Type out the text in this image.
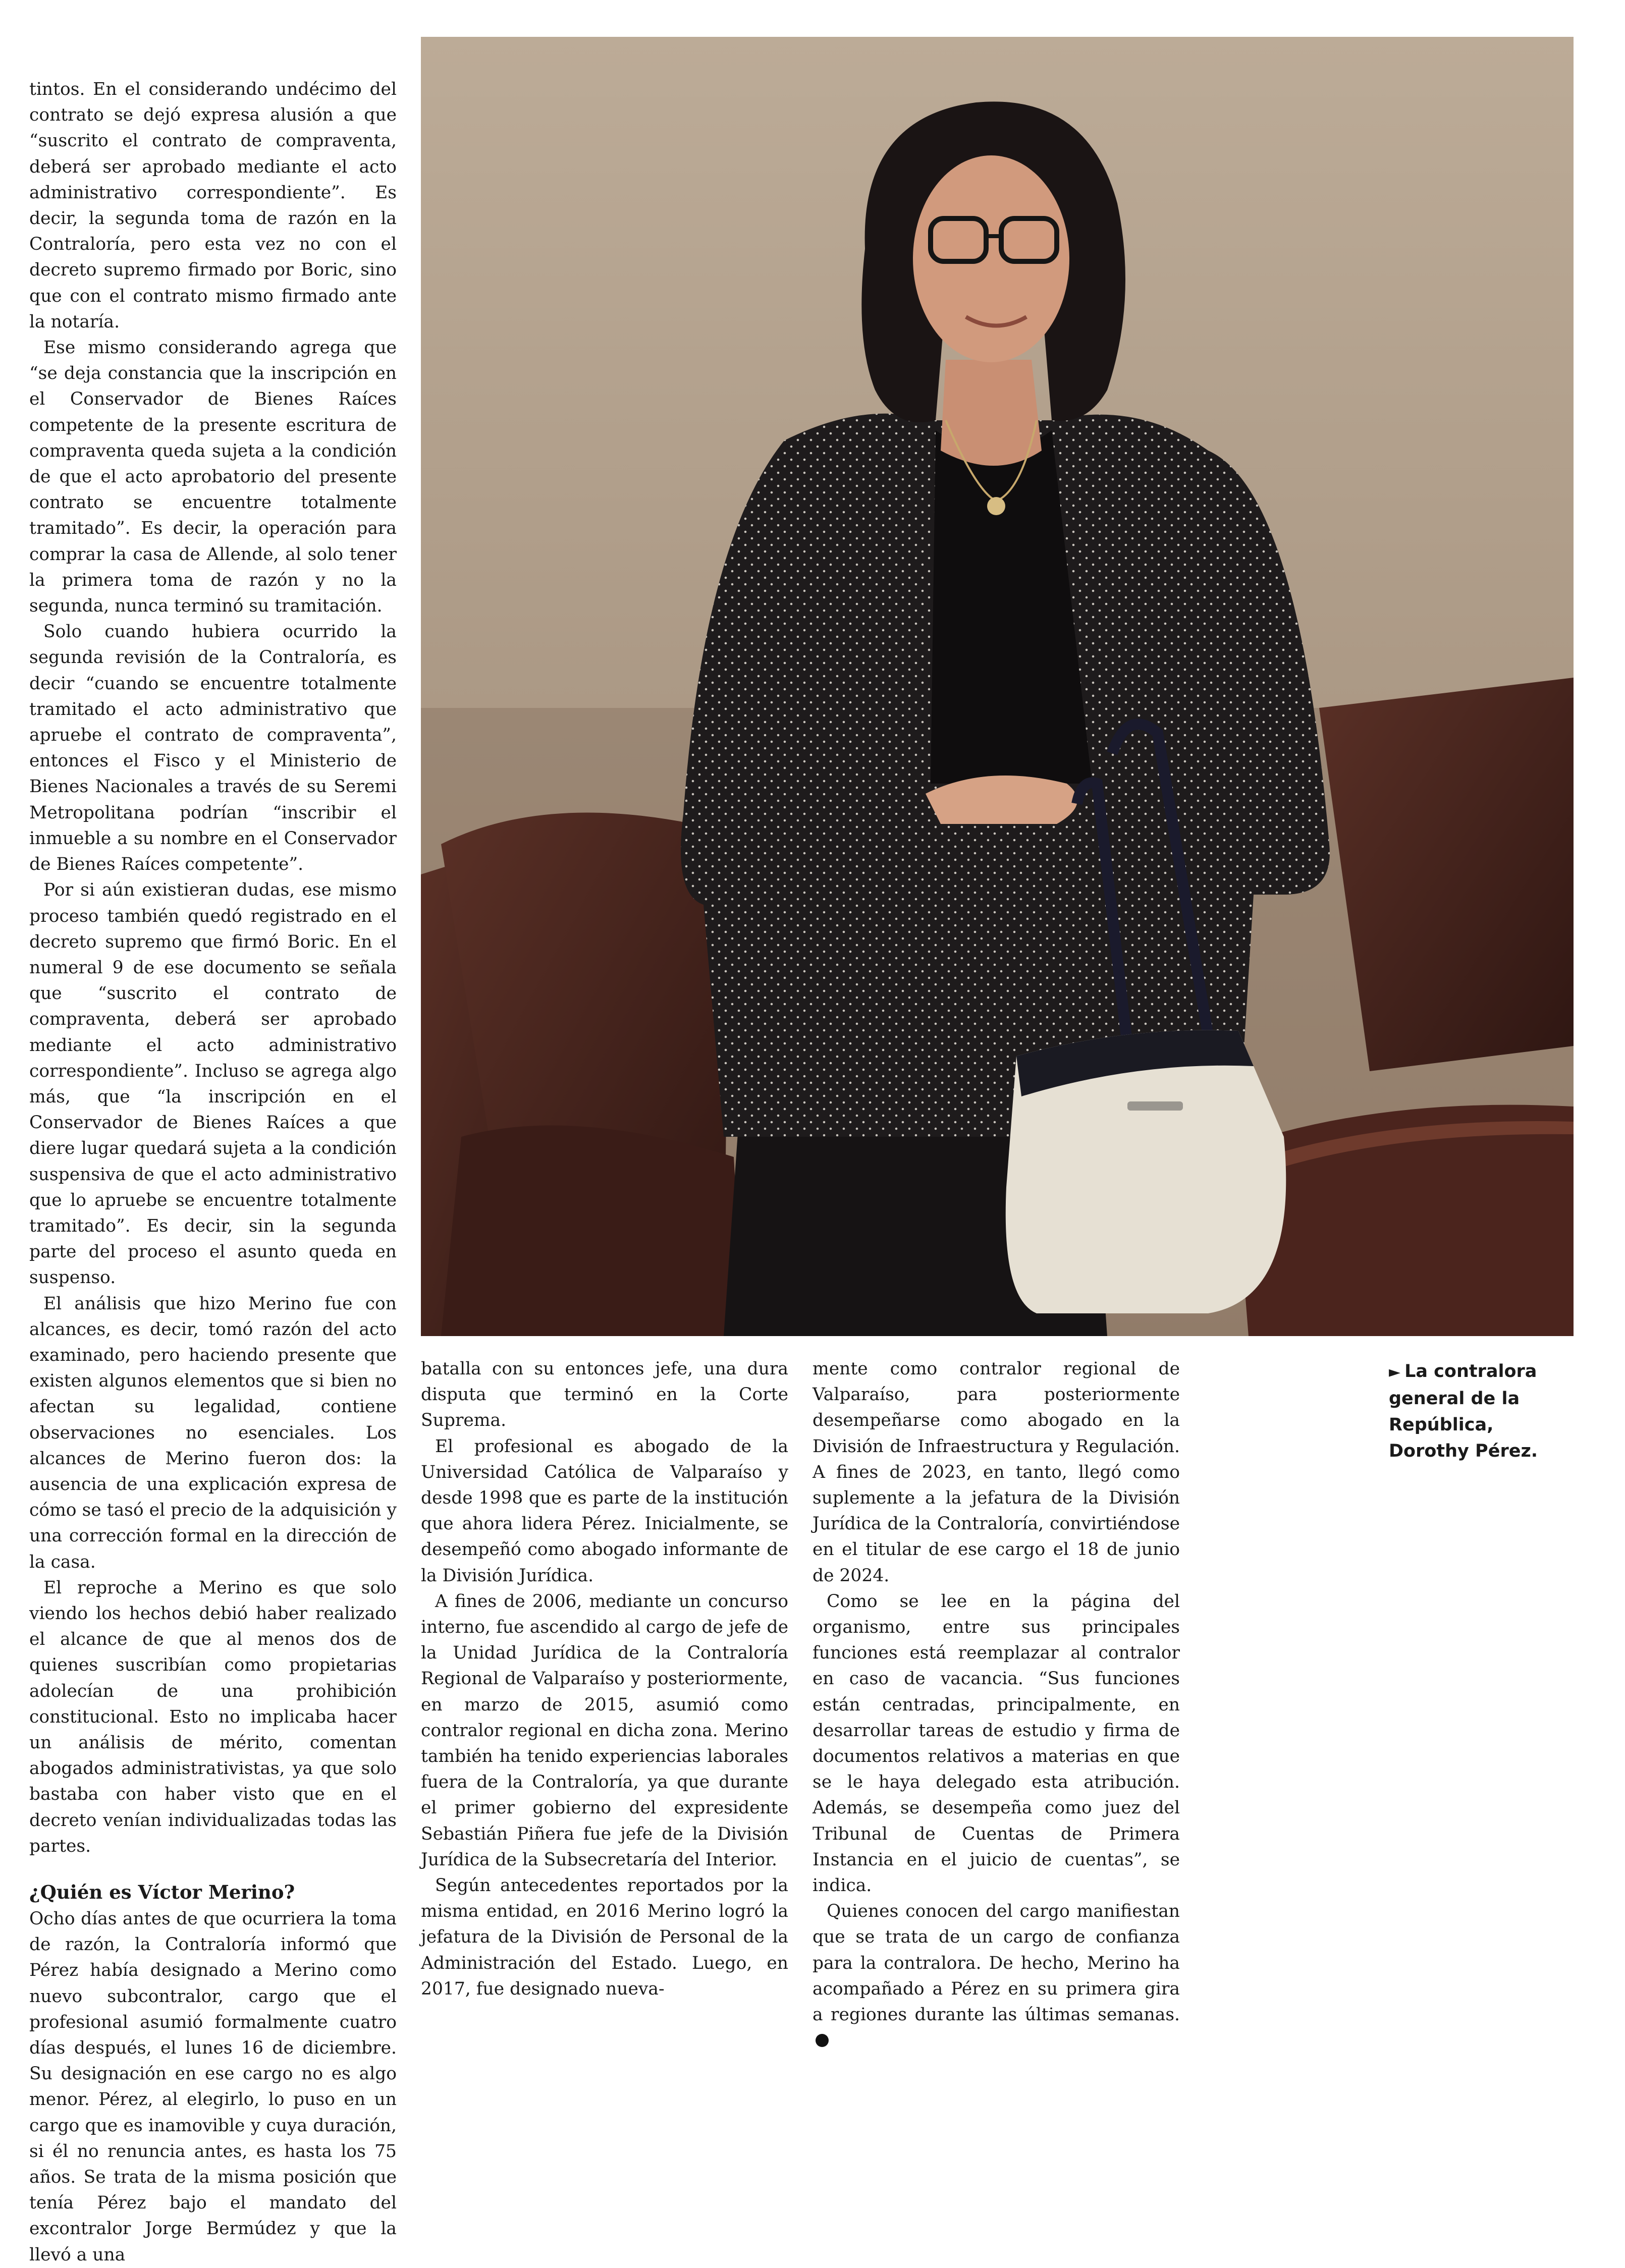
tintos. En el considerando undécimo del contrato se dejó expresa alusión a que “suscrito el contrato de compraventa, deberá ser aprobado mediante el acto administrativo correspondiente”. Es decir, la segunda toma de razón en la Contraloría, pero esta vez no con el decreto supremo firmado por Boric, sino que con el contrato mismo firmado ante la notaría.

Ese mismo considerando agrega que “se deja constancia que la inscripción en el Conservador de Bienes Raíces competente de la presente escritura de compraventa queda sujeta a la condición de que el acto aprobatorio del presente contrato se encuentre totalmente tramitado”. Es decir, la operación para comprar la casa de Allende, al solo tener la primera toma de razón y no la segunda, nunca terminó su tramitación.

Solo cuando hubiera ocurrido la segunda revisión de la Contraloría, es decir “cuando se encuentre totalmente tramitado el acto administrativo que apruebe el contrato de compraventa”, entonces el Fisco y el Ministerio de Bienes Nacionales a través de su Seremi Metropolitana podrían “inscribir el inmueble a su nombre en el Conservador de Bienes Raíces competente”.

Por si aún existieran dudas, ese mismo proceso también quedó registrado en el decreto supremo que firmó Boric. En el numeral 9 de ese documento se señala que “suscrito el contrato de compraventa, deberá ser aprobado mediante el acto administrativo correspondiente”. Incluso se agrega algo más, que “la inscripción en el Conservador de Bienes Raíces a que diere lugar quedará sujeta a la condición suspensiva de que el acto administrativo que lo apruebe se encuentre totalmente tramitado”. Es decir, sin la segunda parte del proceso el asunto queda en suspenso.

El análisis que hizo Merino fue con alcances, es decir, tomó razón del acto examinado, pero haciendo presente que existen algunos elementos que si bien no afectan su legalidad, contiene observaciones no esenciales. Los alcances de Merino fueron dos: la ausencia de una explicación expresa de cómo se tasó el precio de la adquisición y una corrección formal en la dirección de la casa.

El reproche a Merino es que solo viendo los hechos debió haber realizado el alcance de que al menos dos de quienes suscribían como propietarias adolecían de una prohibición constitucional. Esto no implicaba hacer un análisis de mérito, comentan abogados administrativistas, ya que solo bastaba con haber visto que en el decreto venían individualizadas todas las partes.

¿Quién es Víctor Merino?

Ocho días antes de que ocurriera la toma de razón, la Contraloría informó que Pérez había designado a Merino como nuevo subcontralor, cargo que el profesional asumió formalmente cuatro días después, el lunes 16 de diciembre. Su designación en ese cargo no es algo menor. Pérez, al elegirlo, lo puso en un cargo que es inamovible y cuya duración, si él no renuncia antes, es hasta los 75 años. Se trata de la misma posición que tenía Pérez bajo el mandato del excontralor Jorge Bermúdez y que la llevó a una

batalla con su entonces jefe, una dura disputa que terminó en la Corte Suprema.

El profesional es abogado de la Universidad Católica de Valparaíso y desde 1998 que es parte de la institución que ahora lidera Pérez. Inicialmente, se desempeñó como abogado informante de la División Jurídica.

A fines de 2006, mediante un concurso interno, fue ascendido al cargo de jefe de la Unidad Jurídica de la Contraloría Regional de Valparaíso y posteriormente, en marzo de 2015, asumió como contralor regional en dicha zona. Merino también ha tenido experiencias laborales fuera de la Contraloría, ya que durante el primer gobierno del expresidente Sebastián Piñera fue jefe de la División Jurídica de la Subsecretaría del Interior.

Según antecedentes reportados por la misma entidad, en 2016 Merino logró la jefatura de la División de Personal de la Administración del Estado. Luego, en 2017, fue designado nueva-

mente como contralor regional de Valparaíso, para posteriormente desempeñarse como abogado en la División de Infraestructura y Regulación. A fines de 2023, en tanto, llegó como suplemente a la jefatura de la División Jurídica de la Contraloría, convirtiéndose en el titular de ese cargo el 18 de junio de 2024.

Como se lee en la página del organismo, entre sus principales funciones está reemplazar al contralor en caso de vacancia. “Sus funciones están centradas, principalmente, en desarrollar tareas de estudio y firma de documentos relativos a materias en que se le haya delegado esta atribución. Además, se desempeña como juez del Tribunal de Cuentas de Primera Instancia en el juicio de cuentas”, se indica.

Quienes conocen del cargo manifiestan que se trata de un cargo de confianza para la contralora. De hecho, Merino ha acompañado a Pérez en su primera gira a regiones durante las últimas semanas.

► La contralora general de la República, Dorothy Pérez.
